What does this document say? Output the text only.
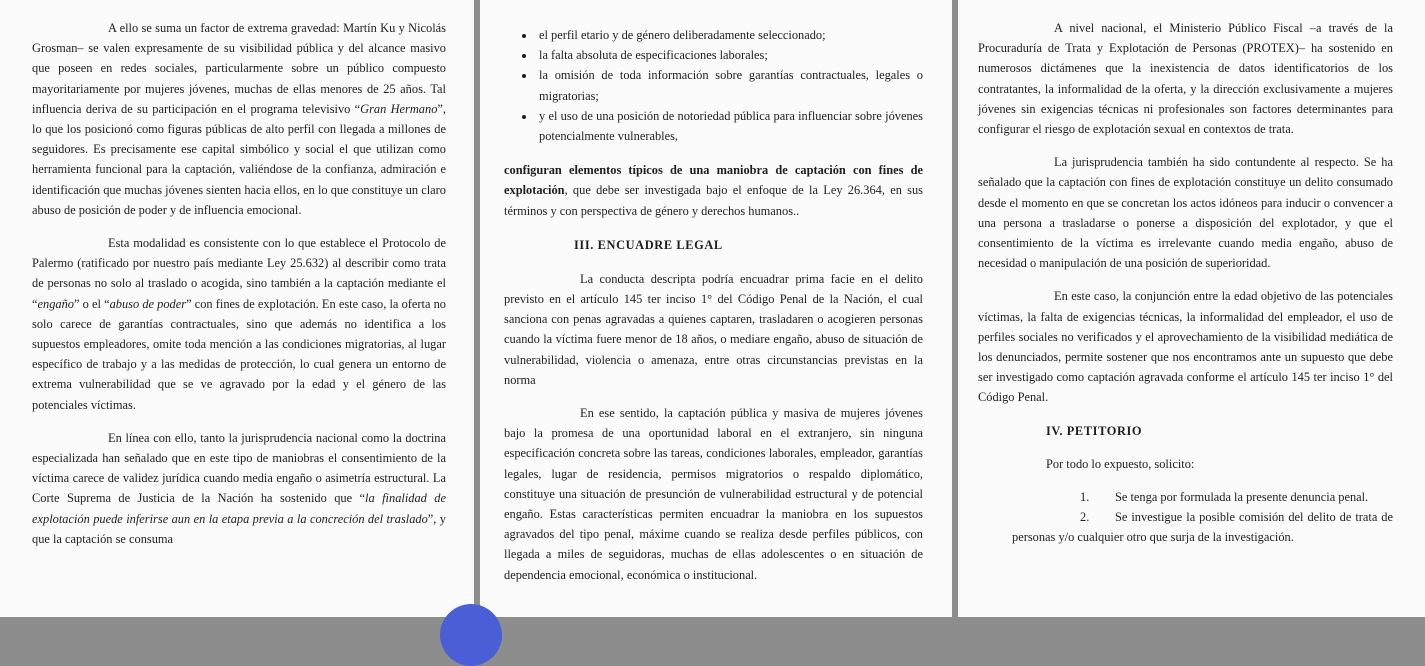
A ello se suma un factor de extrema gravedad: Martín Ku y Nicolás Grosman– se valen expresamente de su visibilidad pública y del alcance masivo que poseen en redes sociales, particularmente sobre un público compuesto mayoritariamente por mujeres jóvenes, muchas de ellas menores de 25 años. Tal influencia deriva de su participación en el programa televisivo “Gran Hermano”, lo que los posicionó como figuras públicas de alto perfil con llegada a millones de seguidores. Es precisamente ese capital simbólico y social el que utilizan como herramienta funcional para la captación, valiéndose de la confianza, admiración e identificación que muchas jóvenes sienten hacia ellos, en lo que constituye un claro abuso de posición de poder y de influencia emocional.

Esta modalidad es consistente con lo que establece el Protocolo de Palermo (ratificado por nuestro país mediante Ley 25.632) al describir como trata de personas no solo al traslado o acogida, sino también a la captación mediante el “engaño” o el “abuso de poder” con fines de explotación. En este caso, la oferta no solo carece de garantías contractuales, sino que además no identifica a los supuestos empleadores, omite toda mención a las condiciones migratorias, al lugar específico de trabajo y a las medidas de protección, lo cual genera un entorno de extrema vulnerabilidad que se ve agravado por la edad y el género de las potenciales víctimas.

En línea con ello, tanto la jurisprudencia nacional como la doctrina especializada han señalado que en este tipo de maniobras el consentimiento de la víctima carece de validez jurídica cuando media engaño o asimetría estructural. La Corte Suprema de Justicia de la Nación ha sostenido que “la finalidad de explotación puede inferirse aun en la etapa previa a la concreción del traslado”, y que la captación se consuma

• el perfil etario y de género deliberadamente seleccionado;
• la falta absoluta de especificaciones laborales;
• la omisión de toda información sobre garantías contractuales, legales o migratorias;
• y el uso de una posición de notoriedad pública para influenciar sobre jóvenes potencialmente vulnerables,

configuran elementos típicos de una maniobra de captación con fines de explotación, que debe ser investigada bajo el enfoque de la Ley 26.364, en sus términos y con perspectiva de género y derechos humanos..

III. ENCUADRE LEGAL

La conducta descripta podría encuadrar prima facie en el delito previsto en el artículo 145 ter inciso 1° del Código Penal de la Nación, el cual sanciona con penas agravadas a quienes captaren, trasladaren o acogieren personas cuando la víctima fuere menor de 18 años, o mediare engaño, abuso de situación de vulnerabilidad, violencia o amenaza, entre otras circunstancias previstas en la norma

En ese sentido, la captación pública y masiva de mujeres jóvenes bajo la promesa de una oportunidad laboral en el extranjero, sin ninguna especificación concreta sobre las tareas, condiciones laborales, empleador, garantías legales, lugar de residencia, permisos migratorios o respaldo diplomático, constituye una situación de presunción de vulnerabilidad estructural y de potencial engaño. Estas características permiten encuadrar la maniobra en los supuestos agravados del tipo penal, máxime cuando se realiza desde perfiles públicos, con llegada a miles de seguidoras, muchas de ellas adolescentes o en situación de dependencia emocional, económica o institucional.

A nivel nacional, el Ministerio Público Fiscal –a través de la Procuraduría de Trata y Explotación de Personas (PROTEX)– ha sostenido en numerosos dictámenes que la inexistencia de datos identificatorios de los contratantes, la informalidad de la oferta, y la dirección exclusivamente a mujeres jóvenes sin exigencias técnicas ni profesionales son factores determinantes para configurar el riesgo de explotación sexual en contextos de trata.

La jurisprudencia también ha sido contundente al respecto. Se ha señalado que la captación con fines de explotación constituye un delito consumado desde el momento en que se concretan los actos idóneos para inducir o convencer a una persona a trasladarse o ponerse a disposición del explotador, y que el consentimiento de la víctima es irrelevante cuando media engaño, abuso de necesidad o manipulación de una posición de superioridad.

En este caso, la conjunción entre la edad objetivo de las potenciales víctimas, la falta de exigencias técnicas, la informalidad del empleador, el uso de perfiles sociales no verificados y el aprovechamiento de la visibilidad mediática de los denunciados, permite sostener que nos encontramos ante un supuesto que debe ser investigado como captación agravada conforme el artículo 145 ter inciso 1° del Código Penal.

IV. PETITORIO

Por todo lo expuesto, solicito:

1. Se tenga por formulada la presente denuncia penal.
2. Se investigue la posible comisión del delito de trata de personas y/o cualquier otro que surja de la investigación.
